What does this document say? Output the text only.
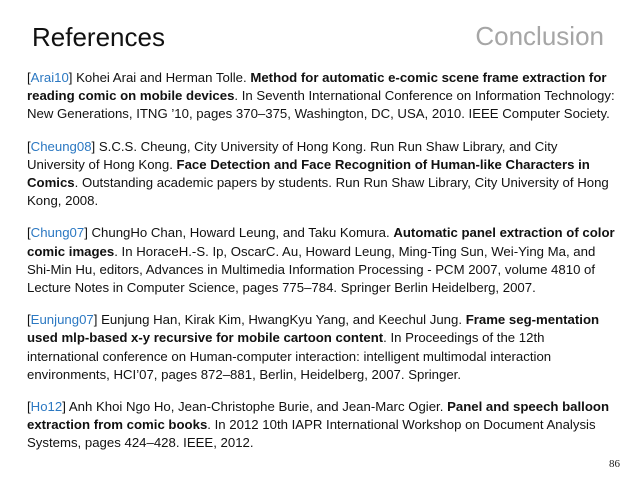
References	Conclusion

[Arai10] Kohei Arai and Herman Tolle. Method for automatic e-comic scene frame extraction for reading comic on mobile devices. In Seventh International Conference on Information Technology: New Generations, ITNG ’10, pages 370–375, Washington, DC, USA, 2010. IEEE Computer Society.

[Cheung08] S.C.S. Cheung, City University of Hong Kong. Run Run Shaw Library, and City University of Hong Kong. Face Detection and Face Recognition of Human-like Characters in Comics. Outstanding academic papers by students. Run Run Shaw Library, City University of Hong Kong, 2008.

[Chung07] ChungHo Chan, Howard Leung, and Taku Komura. Automatic panel extraction of color comic images. In HoraceH.-S. Ip, OscarC. Au, Howard Leung, Ming-Ting Sun, Wei-Ying Ma, and Shi-Min Hu, editors, Advances in Multimedia Information Processing - PCM 2007, volume 4810 of Lecture Notes in Computer Science, pages 775–784. Springer Berlin Heidelberg, 2007.

[Eunjung07] Eunjung Han, Kirak Kim, HwangKyu Yang, and Keechul Jung. Frame seg-mentation used mlp-based x-y recursive for mobile cartoon content. In Proceedings of the 12th international conference on Human-computer interaction: intelligent multimodal interaction environments, HCI’07, pages 872–881, Berlin, Heidelberg, 2007. Springer.

[Ho12] Anh Khoi Ngo Ho, Jean-Christophe Burie, and Jean-Marc Ogier. Panel and speech balloon extraction from comic books. In 2012 10th IAPR International Workshop on Document Analysis Systems, pages 424–428. IEEE, 2012.

86
